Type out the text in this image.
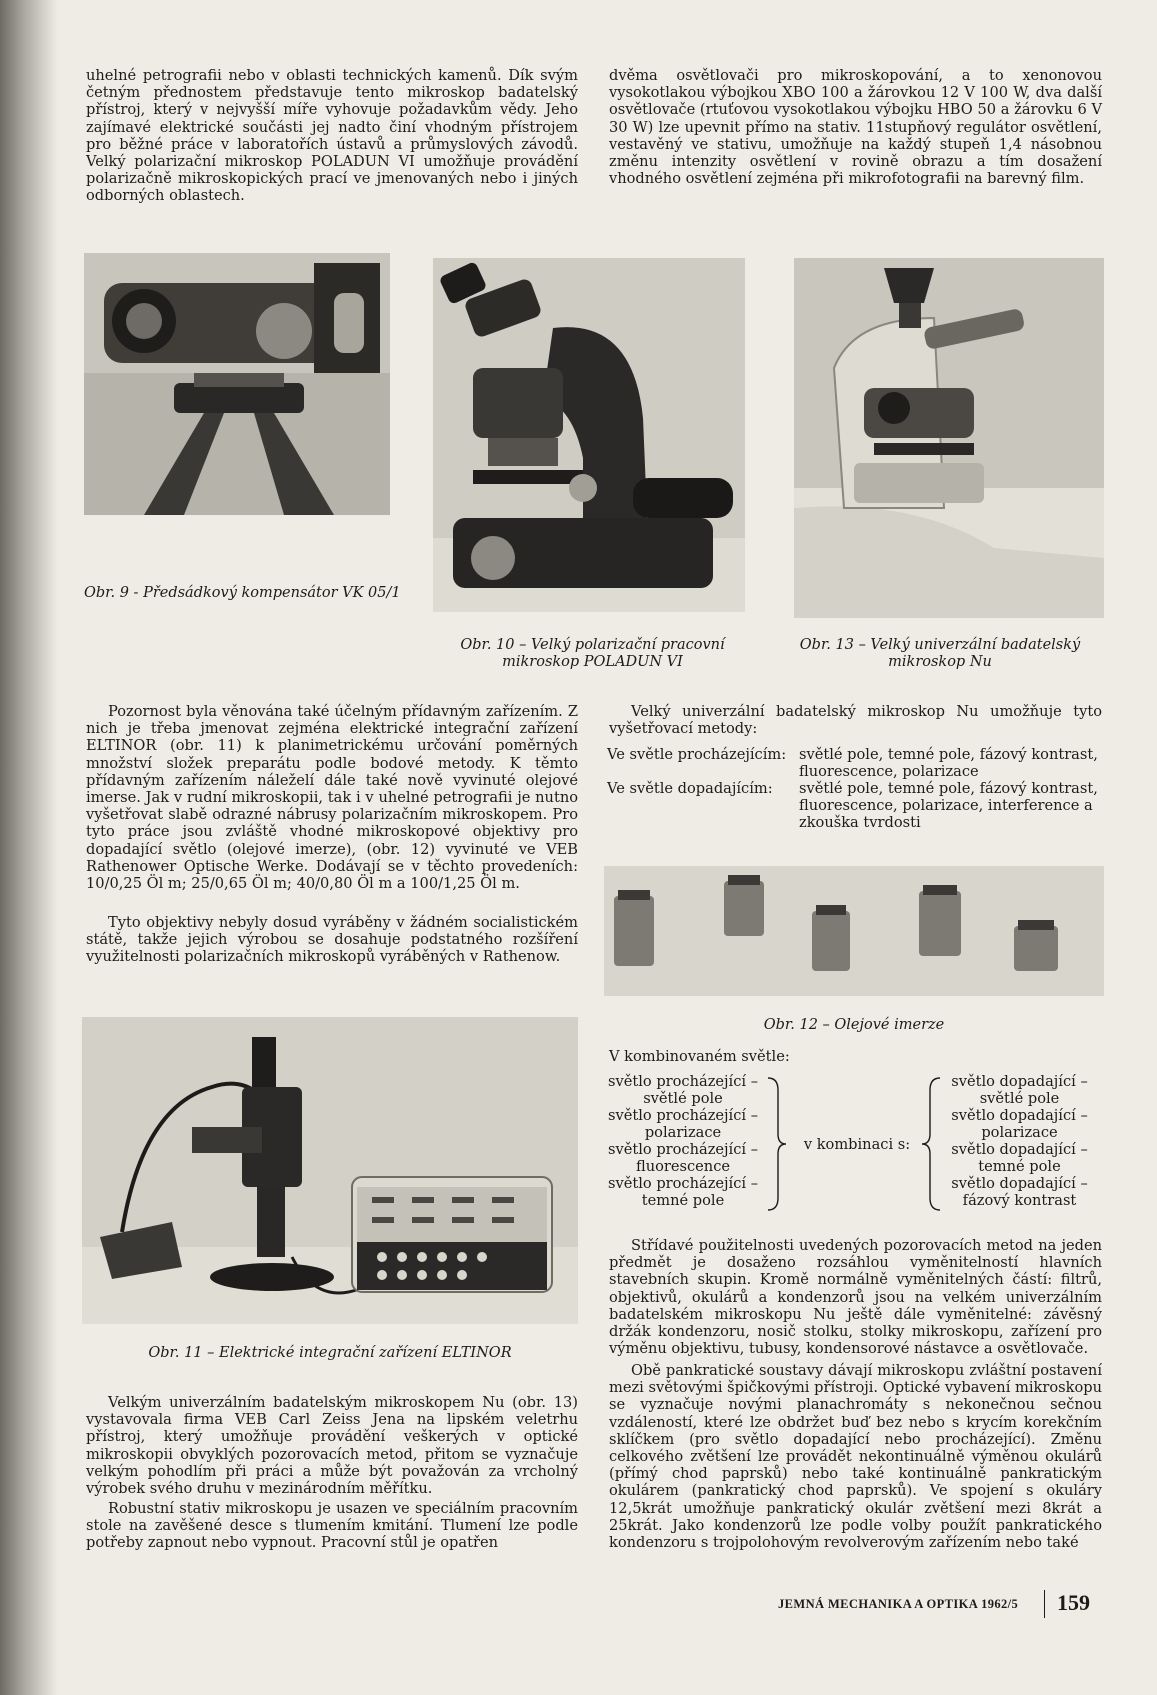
uhelné petrografii nebo v oblasti technických kamenů. Dík svým četným přednostem představuje tento mikroskop badatelský přístroj, který v nejvyšší míře vyhovuje požadavkům vědy. Jeho zajímavé elektrické součásti jej nadto činí vhodným přístrojem pro běžné práce v laboratořích ústavů a průmyslových závodů. Velký polarizační mikroskop POLADUN VI umožňuje provádění polarizačně mikroskopických prací ve jmenovaných nebo i jiných odborných oblastech.

dvěma osvětlovači pro mikroskopování, a to xenonovou vysokotlakou výbojkou XBO 100 a žárovkou 12 V 100 W, dva další osvětlovače (rtuťovou vysokotlakou výbojku HBO 50 a žárovku 6 V 30 W) lze upevnit přímo na stativ. 11stupňový regulátor osvětlení, vestavěný ve stativu, umožňuje na každý stupeň 1,4 násobnou změnu intenzity osvětlení v rovině obrazu a tím dosažení vhodného osvětlení zejména při mikrofotografii na barevný film.

Obr. 9 - Předsádkový kompensátor VK 05/1

Obr. 10 – Velký polarizační pracovní mikroskop POLADUN VI

Obr. 13 – Velký univerzální badatelský mikroskop Nu

Pozornost byla věnována také účelným přídavným zařízením. Z nich je třeba jmenovat zejména elektrické integrační zařízení ELTINOR (obr. 11) k planimetrickému určování poměrných množství složek preparátu podle bodové metody. K těmto přídavným zařízením náleželí dále také nově vyvinuté olejové imerse. Jak v rudní mikroskopii, tak i v uhelné petrografii je nutno vyšetřovat slabě odrazné nábrusy polarizačním mikroskopem. Pro tyto práce jsou zvláště vhodné mikroskopové objektivy pro dopadající světlo (olejové imerze), (obr. 12) vyvinuté ve VEB Rathenower Optische Werke. Dodávají se v těchto provedeních: 10/0,25 Öl m; 25/0,65 Öl m; 40/0,80 Öl m a 100/1,25 Öl m.

Tyto objektivy nebyly dosud vyráběny v žádném socialistickém státě, takže jejich výrobou se dosahuje podstatného rozšíření využitelnosti polarizačních mikroskopů vyráběných v Rathenow.

Velký univerzální badatelský mikroskop Nu umožňuje tyto vyšetřovací metody:

Ve světle procházejícím: světlé pole, temné pole, fázový kontrast, fluorescence, polarizace

Ve světle dopadajícím:	světlé pole, temné pole, fázový kontrast, fluorescence, polarizace, interference a zkouška tvrdosti

Obr. 12 – Olejové imerze

V kombinovaném světle:

světlo procházející –
světlé pole
světlo procházející –
polarizace
světlo procházející –
fluorescence
světlo procházející –
temné pole
v kombinaci s:
světlo dopadající –
světlé pole
světlo dopadající –
polarizace
světlo dopadající –
temné pole
světlo dopadající –
fázový kontrast

Střídavé použitelnosti uvedených pozorovacích metod na jeden předmět je dosaženo rozsáhlou vyměnitelností hlavních stavebních skupin. Kromě normálně vyměnitelných částí: filtrů, objektivů, okulárů a kondenzorů jsou na velkém univerzálním badatelském mikroskopu Nu ještě dále vyměnitelné: závěsný držák kondenzoru, nosič stolku, stolky mikroskopu, zařízení pro výměnu objektivu, tubusy, kondensorové nástavce a osvětlovače.

Obě pankratické soustavy dávají mikroskopu zvláštní postavení mezi světovými špičkovými přístroji. Optické vybavení mikroskopu se vyznačuje novými planachromáty s nekonečnou sečnou vzdáleností, které lze obdržet buď bez nebo s krycím korekčním sklíčkem (pro světlo dopadající nebo procházející). Změnu celkového zvětšení lze provádět nekontinuálně výměnou okulárů (přímý chod paprsků) nebo také kontinuálně pankratickým okulárem (pankratický chod paprsků). Ve spojení s okuláry 12,5krát umožňuje pankratický okulár zvětšení mezi 8krát a 25krát. Jako kondenzorů lze podle volby použít pankratického kondenzoru s trojpolohovým revolverovým zařízením nebo také

Obr. 11 – Elektrické integrační zařízení ELTINOR

Velkým univerzálním badatelským mikroskopem Nu (obr. 13) vystavovala firma VEB Carl Zeiss Jena na lipském veletrhu přístroj, který umožňuje provádění veškerých v optické mikroskopii obvyklých pozorovacích metod, přitom se vyznačuje velkým pohodlím při práci a může být považován za vrcholný výrobek svého druhu v mezinárodním měřítku.

Robustní stativ mikroskopu je usazen ve speciálním pracovním stole na zavěšené desce s tlumením kmitání. Tlumení lze podle potřeby zapnout nebo vypnout. Pracovní stůl je opatřen

JEMNÁ MECHANIKA A OPTIKA 1962/5 159
